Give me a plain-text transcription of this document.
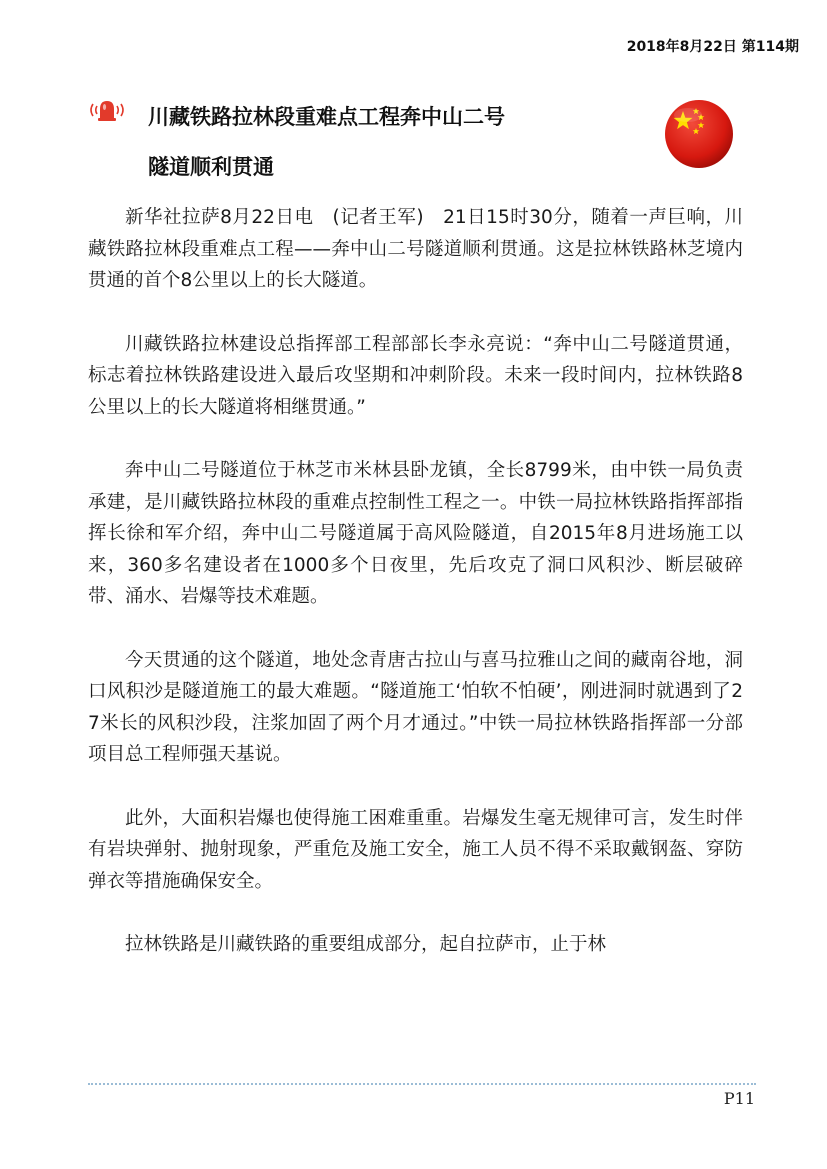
2018年8月22日 第114期
川藏铁路拉林段重难点工程奔中山二号
隧道顺利贯通

新华社拉萨8月22日电　(记者王军)　21日15时30分，随着一声巨响，川藏铁路拉林段重难点工程——奔中山二号隧道顺利贯通。这是拉林铁路林芝境内贯通的首个8公里以上的长大隧道。

川藏铁路拉林建设总指挥部工程部部长李永亮说：“奔中山二号隧道贯通，标志着拉林铁路建设进入最后攻坚期和冲刺阶段。未来一段时间内，拉林铁路8公里以上的长大隧道将相继贯通。”

奔中山二号隧道位于林芝市米林县卧龙镇，全长8799米，由中铁一局负责承建，是川藏铁路拉林段的重难点控制性工程之一。中铁一局拉林铁路指挥部指挥长徐和军介绍，奔中山二号隧道属于高风险隧道，自2015年8月进场施工以来，360多名建设者在1000多个日夜里，先后攻克了洞口风积沙、断层破碎带、涌水、岩爆等技术难题。

今天贯通的这个隧道，地处念青唐古拉山与喜马拉雅山之间的藏南谷地，洞口风积沙是隧道施工的最大难题。“隧道施工‘怕软不怕硬’，刚进洞时就遇到了27米长的风积沙段，注浆加固了两个月才通过。”中铁一局拉林铁路指挥部一分部项目总工程师强天基说。

此外，大面积岩爆也使得施工困难重重。岩爆发生毫无规律可言，发生时伴有岩块弹射、抛射现象，严重危及施工安全，施工人员不得不采取戴钢盔、穿防弹衣等措施确保安全。

拉林铁路是川藏铁路的重要组成部分，起自拉萨市，止于林

P11
